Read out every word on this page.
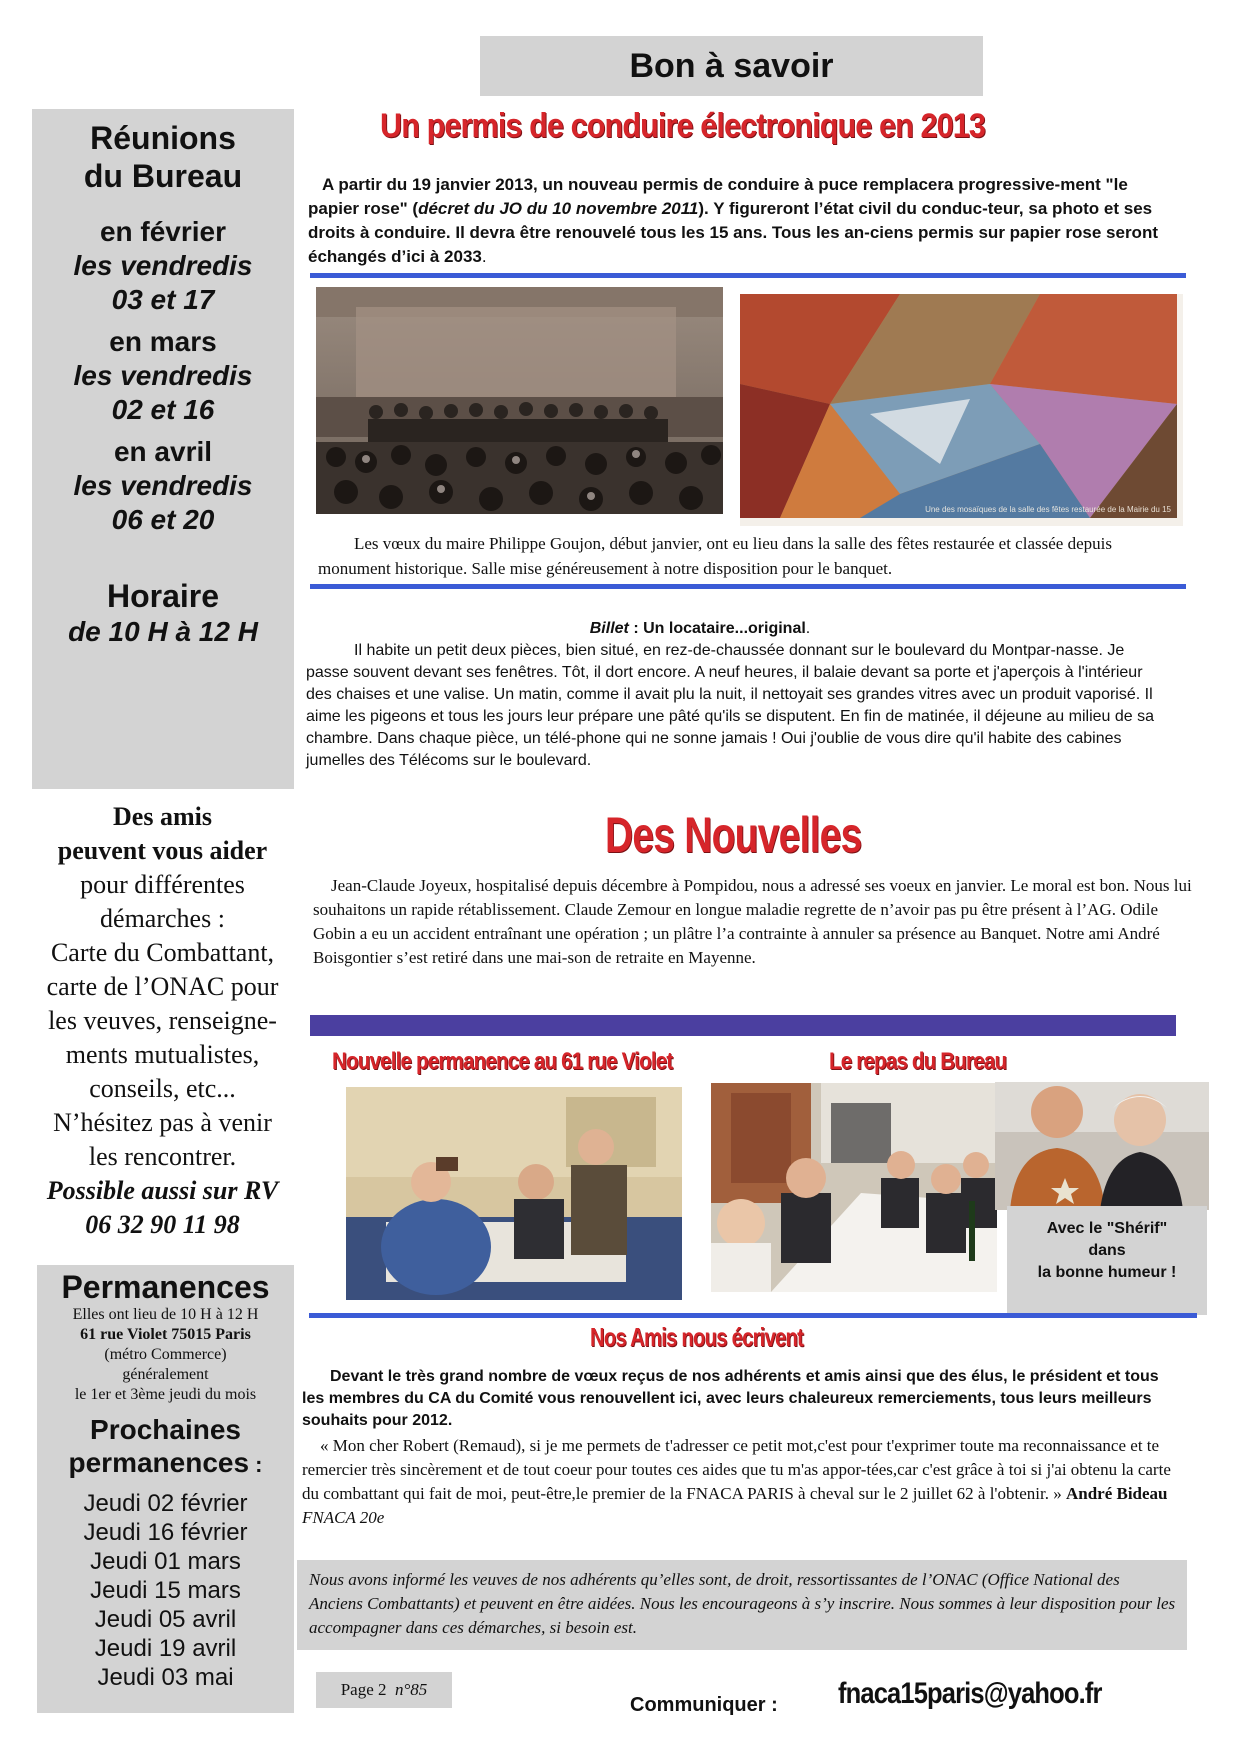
Bon à savoir
Réunions
du Bureau
en février
les vendredis
03 et 17
en mars
les vendredis
02 et 16
en avril
les vendredis
06 et 20
Horaire
de 10 H à 12 H
Des amis
peuvent vous aider
pour différentes
démarches :
Carte du Combattant,
carte de l’ONAC pour
les veuves, renseigne-
ments mutualistes,
conseils, etc...
N’hésitez pas à venir
les rencontrer.
Possible aussi sur RV
06 32 90 11 98
Permanences
Elles ont lieu de 10 H à 12 H
61 rue Violet 75015 Paris
(métro Commerce)
généralement
le 1er et 3ème jeudi du mois
Prochaines
permanences :
Jeudi 02 février
Jeudi 16 février
Jeudi 01 mars
Jeudi 15 mars
Jeudi 05 avril
Jeudi 19 avril
Jeudi 03 mai
Un permis de conduire électronique en 2013
A partir du 19 janvier 2013, un nouveau permis de conduire à puce remplacera progressive-ment "le papier rose" (décret du JO du 10 novembre 2011). Y figureront l’état civil du conduc-teur, sa photo et ses droits à conduire. Il devra être renouvelé tous les 15 ans. Tous les an-ciens permis sur papier rose seront échangés d’ici à 2033.
Une des mosaïques de la salle des fêtes restaurée de la Mairie du 15
Les vœux du maire Philippe Goujon, début janvier, ont eu lieu dans la salle des fêtes restaurée et classée depuis monument historique. Salle mise généreusement à notre disposition pour le banquet.
Billet : Un locataire...original.
Il habite un petit deux pièces, bien situé, en rez-de-chaussée donnant sur le boulevard du Montpar-nasse. Je passe souvent devant ses fenêtres. Tôt, il dort encore. A neuf heures, il balaie devant sa porte et j'aperçois à l'intérieur des chaises et une valise. Un matin, comme il avait plu la nuit, il nettoyait ses grandes vitres avec un produit vaporisé. Il aime les pigeons et tous les jours leur prépare une pâté qu'ils se disputent. En fin de matinée, il déjeune au milieu de sa chambre. Dans chaque pièce, un télé-phone qui ne sonne jamais ! Oui j'oublie de vous dire qu'il habite des cabines jumelles des Télécoms sur le boulevard.
Des Nouvelles
Jean-Claude Joyeux, hospitalisé depuis décembre à Pompidou, nous a adressé ses voeux en janvier. Le moral est bon. Nous lui souhaitons un rapide rétablissement. Claude Zemour en longue maladie regrette de n’avoir pas pu être présent à l’AG. Odile Gobin a eu un accident entraînant une opération ; un plâtre l’a contrainte à annuler sa présence au Banquet. Notre ami André Boisgontier s’est retiré dans une mai-son de retraite en Mayenne.
Nouvelle permanence au 61 rue Violet	Le repas du Bureau
Avec le "Shérif"
dans
la bonne humeur !
Nos Amis nous écrivent
Devant le très grand nombre de vœux reçus de nos adhérents et amis ainsi que des élus, le président et tous les membres du CA du Comité vous renouvellent ici, avec leurs chaleureux remerciements, tous leurs meilleurs souhaits pour 2012.
« Mon cher Robert (Remaud), si je me permets de t'adresser ce petit mot,c'est pour t'exprimer toute ma reconnaissance et te remercier très sincèrement et de tout coeur pour toutes ces aides que tu m'as appor-tées,car c'est grâce à toi si j'ai obtenu la carte du combattant qui fait de moi, peut-être,le premier de la FNACA PARIS à cheval sur le 2 juillet 62 à l'obtenir. » André Bideau FNACA 20e
Nous avons informé les veuves de nos adhérents qu’elles sont, de droit, ressortissantes de l’ONAC (Office National des Anciens Combattants) et peuvent en être aidées. Nous les encourageons à s’y inscrire. Nous sommes à leur disposition pour les accompagner dans ces démarches, si besoin est.
Page 2 n°85
Communiquer : fnaca15paris@yahoo.fr
